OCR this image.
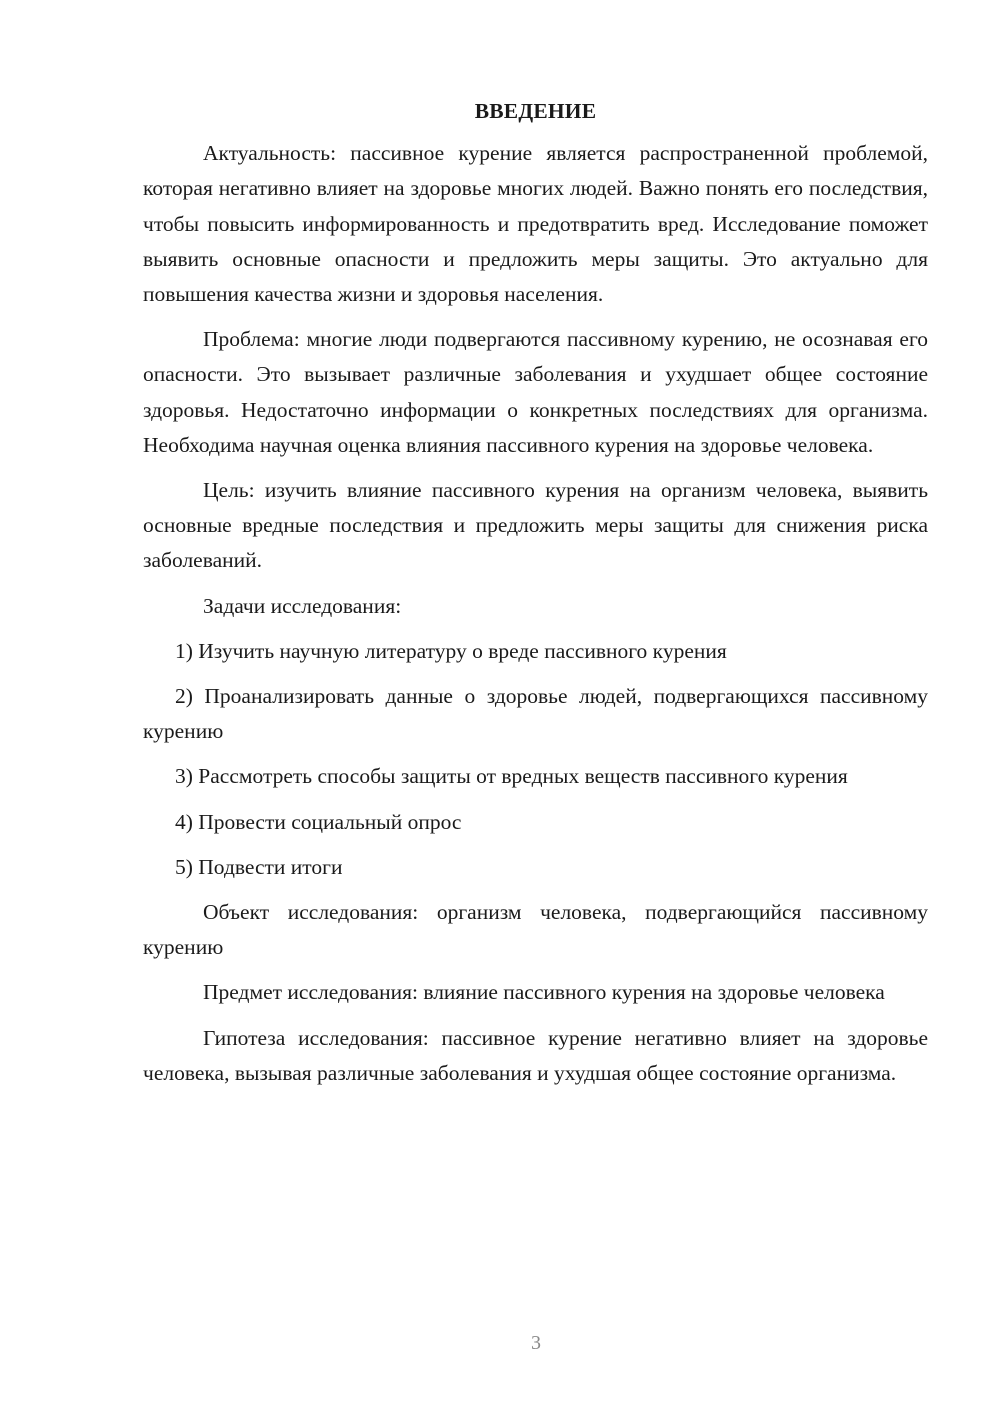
ВВЕДЕНИЕ

Актуальность: пассивное курение является распространенной проблемой, которая негативно влияет на здоровье многих людей. Важно понять его последствия, чтобы повысить информированность и предотвратить вред. Исследование поможет выявить основные опасности и предложить меры защиты. Это актуально для повышения качества жизни и здоровья населения.

Проблема: многие люди подвергаются пассивному курению, не осознавая его опасности. Это вызывает различные заболевания и ухудшает общее состояние здоровья. Недостаточно информации о конкретных последствиях для организма. Необходима научная оценка влияния пассивного курения на здоровье человека.

Цель: изучить влияние пассивного курения на организм человека, выявить основные вредные последствия и предложить меры защиты для снижения риска заболеваний.

Задачи исследования:

1) Изучить научную литературу о вреде пассивного курения

2) Проанализировать данные о здоровье людей, подвергающихся пассивному курению

3) Рассмотреть способы защиты от вредных веществ пассивного курения

4) Провести социальный опрос

5) Подвести итоги

Объект исследования: организм человека, подвергающийся пассивному курению

Предмет исследования: влияние пассивного курения на здоровье человека

Гипотеза исследования: пассивное курение негативно влияет на здоровье человека, вызывая различные заболевания и ухудшая общее состояние организма.

3
